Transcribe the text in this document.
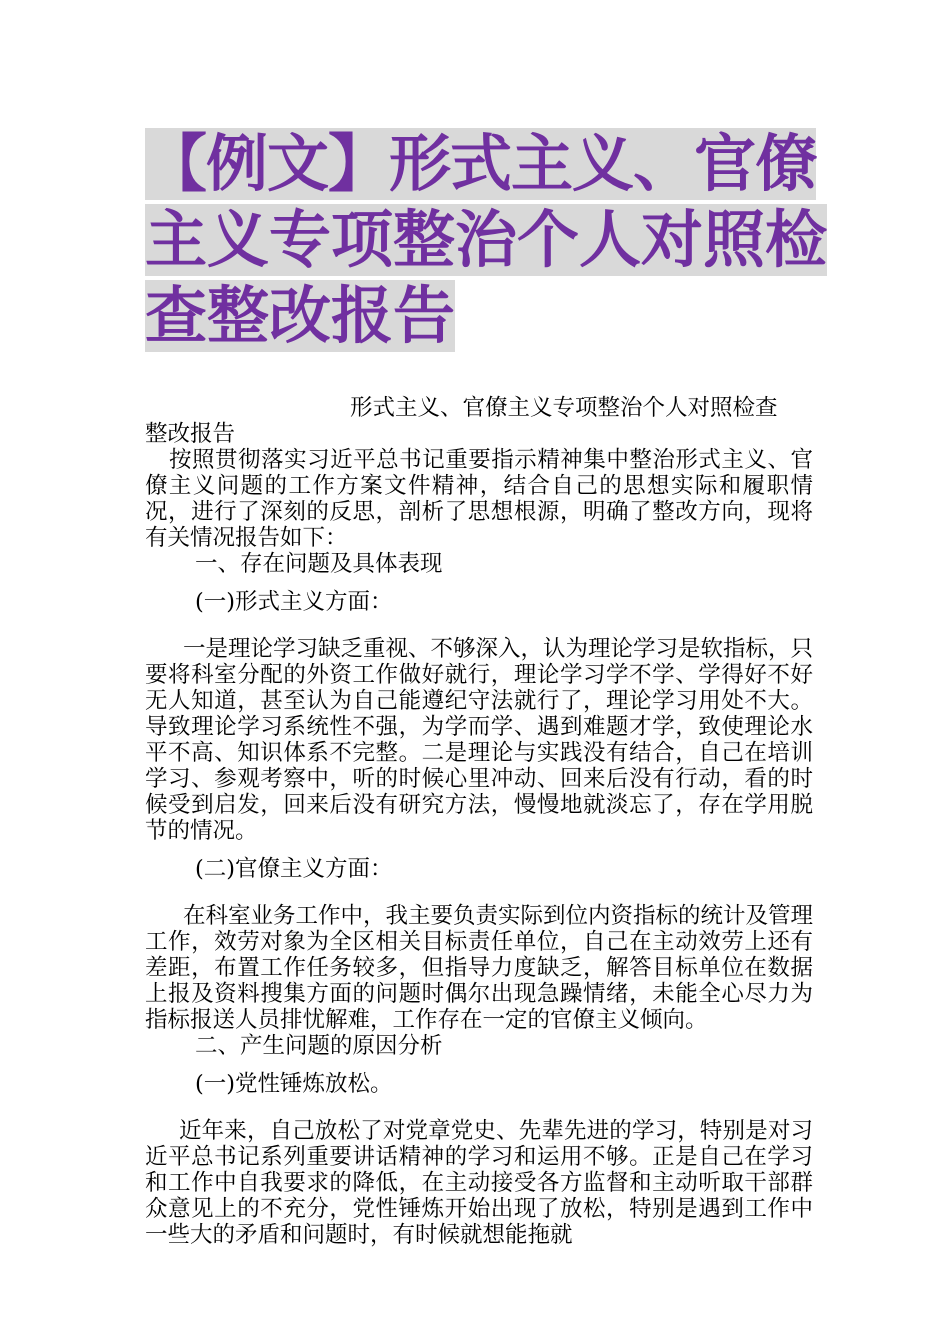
【例文】形式主义、官僚
主义专项整治个人对照检
查整改报告

形式主义、官僚主义专项整治个人对照检查

整改报告

按照贯彻落实习近平总书记重要指示精神集中整治形式主义、官僚主义问题的工作方案文件精神，结合自己的思想实际和履职情况，进行了深刻的反思，剖析了思想根源，明确了整改方向，现将有关情况报告如下：

一、存在问题及具体表现

(一)形式主义方面：

一是理论学习缺乏重视、不够深入，认为理论学习是软指标，只要将科室分配的外资工作做好就行，理论学习学不学、学得好不好无人知道，甚至认为自己能遵纪守法就行了，理论学习用处不大。导致理论学习系统性不强，为学而学、遇到难题才学，致使理论水平不高、知识体系不完整。二是理论与实践没有结合，自己在培训学习、参观考察中，听的时候心里冲动、回来后没有行动，看的时候受到启发，回来后没有研究方法，慢慢地就淡忘了，存在学用脱节的情况。

(二)官僚主义方面：

在科室业务工作中，我主要负责实际到位内资指标的统计及管理工作，效劳对象为全区相关目标责任单位，自己在主动效劳上还有差距，布置工作任务较多，但指导力度缺乏，解答目标单位在数据上报及资料搜集方面的问题时偶尔出现急躁情绪，未能全心尽力为指标报送人员排忧解难，工作存在一定的官僚主义倾向。

二、产生问题的原因分析

(一)党性锤炼放松。

近年来，自己放松了对党章党史、先辈先进的学习，特别是对习近平总书记系列重要讲话精神的学习和运用不够。正是自己在学习和工作中自我要求的降低，在主动接受各方监督和主动听取干部群众意见上的不充分，党性锤炼开始出现了放松，特别是遇到工作中一些大的矛盾和问题时，有时候就想能拖就
